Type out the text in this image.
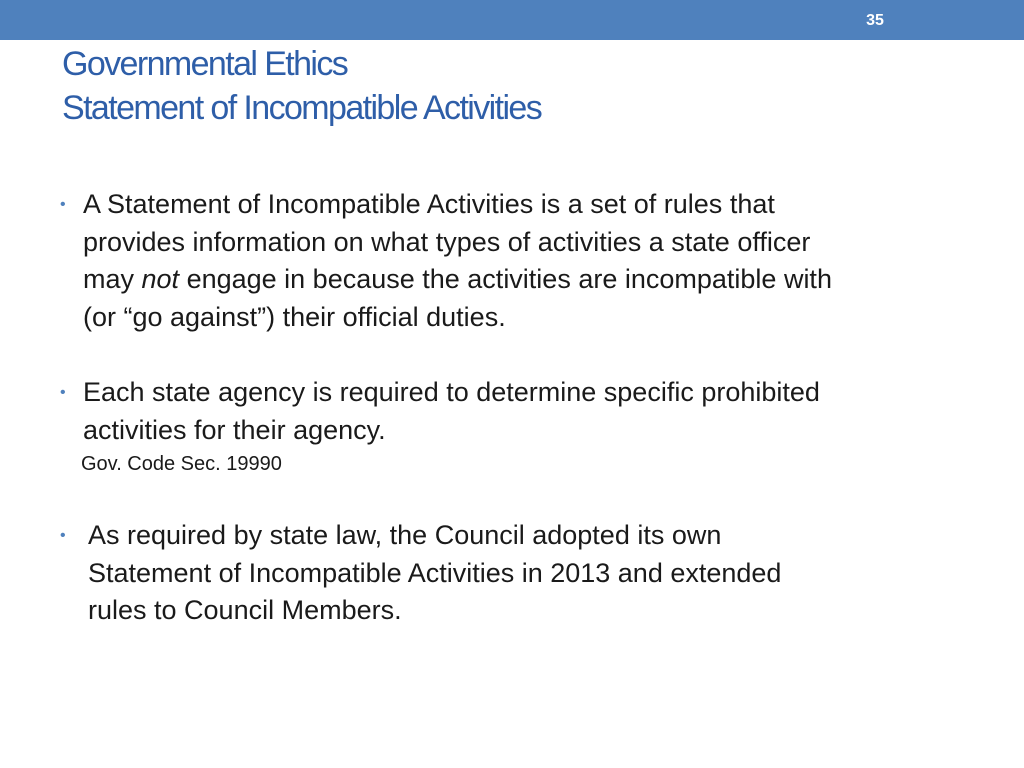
35
Governmental Ethics
Statement of Incompatible Activities
• A Statement of Incompatible Activities is a set of rules that
provides information on what types of activities a state officer
may not engage in because the activities are incompatible with
(or “go against”) their official duties.
• Each state agency is required to determine specific prohibited
activities for their agency.
Gov. Code Sec. 19990
• As required by state law, the Council adopted its own
Statement of Incompatible Activities in 2013 and extended
rules to Council Members.
